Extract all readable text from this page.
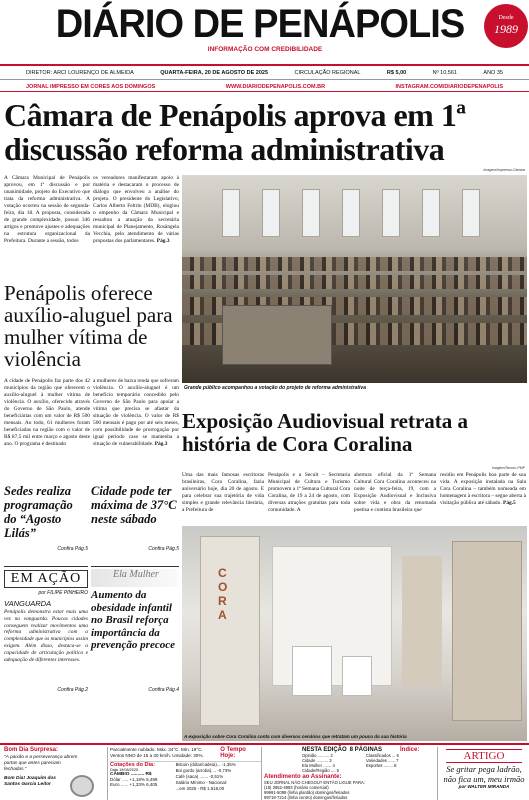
DIÁRIO DE PENÁPOLIS
INFORMAÇÃO COM CREDIBILIDADE
Desde
1989
DIRETOR: ARCI LOURENÇO DE ALMEIDA	QUARTA-FEIRA, 20 DE AGOSTO DE 2025	CIRCULAÇÃO REGIONAL	R$ 5,00	Nº 10.561	ANO 35
JORNAL IMPRESSO EM CORES AOS DOMINGOS	WWW.DIARIODEPENAPOLIS.COM.BR	INSTAGRAM.COM/DIARIODEPENAPOLIS
Câmara de Penápolis aprova em 1ª discussão reforma administrativa
Imagem/Imprensa Câmara
A Câmara Municipal de Penápolis aprovou, em 1ª discussão e por unanimidade, projeto do Executivo que trata da reforma administrativa. A votação ocorreu na sessão de segunda-feira, dia 18. A proposta, considerada de grande complexidade, possui 346 artigos e promove ajustes e adequações na estrutura organizacional da Prefeitura. Durante a sessão, todos
os vereadores manifestaram apoio à matéria e destacaram o processo de diálogo que envolveu a análise do projeto. O presidente do Legislativo, Carlos Alberto Feltrin (MDB), elogiou o empenho da Câmara Municipal e ressaltou a atuação da secretária municipal de Planejamento, Rosângela Vecchia, pelo atendimento de várias propostas dos parlamentares. Pág.3
Grande público acompanhou a votação do projeto de reforma administrativa
Penápolis oferece auxílio-aluguel para mulher vítima de violência
A cidade de Penápolis faz parte dos 42 municípios da região que oferecem o auxílio-aluguel à mulher vítima de violência. O auxílio, oferecido através do Governo de São Paulo, atende beneficiárias com um valor de R$ 500 mensais. Ao todo, 61 mulheres foram beneficiadas na região com o valor de R$ 87,5 mil entre março e agosto deste ano. O programa é destinado
a mulheres de baixa renda que sofreram violência. O auxílio-aluguel é um benefício temporário concedido pelo Governo de São Paulo para apoiar a vítima que precisa se afastar da situação de violência. O valor de R$ 500 mensais é pago por até seis meses, com possibilidade de prorrogação por igual período caso se mantenha a situação de vulnerabilidade. Pág.3
Sedes realiza programação do “Agosto Lilás”
Confira Pág.5
Cidade pode ter máxima de 37°C neste sábado
Confira Pág.5
Exposição Audiovisual retrata a história de Cora Coralina
Imagem/Secom-PMP
Uma das mais famosas escritoras brasileiras, Cora Coralina, fazia aniversário hoje, dia 20 de agosto. E para celebrar sua trajetória de vida simples e grande relevância literária, a Prefeitura de
Penápolis e a Secult – Secretaria Municipal de Cultura e Turismo promovem a 1ª Semana Cultural Cora Coralina, de 19 a 24 de agosto, com diversas atrações gratuitas para toda comunidade. A
abertura oficial da 1ª Semana Cultural Cora Coralina aconteceu na noite de terça-feira, 19, com a Exposição Audiovisual e Inclusiva sobre vida e obra da renomada poetisa e contista brasileira que
residiu em Penápolis boa parte de sua vida. A exposição instalada na Sala Cora Coralina – também nomeada em homenagem à escritora – segue aberta à visitação pública até sábado. Pág.5
CORA
A exposição sobre Cora Coralina conta com diversos cenários que retratam um pouco da sua história
EM AÇÃO
por FILIPE PINHEIRO
VANGUARDA
Penápolis demonstra estar mais uma vez na vanguarda. Poucas cidades conseguem realizar movimentos uma reforma administrativa com a complexidade que os municípios assim exigem. Além disso, destaca-se a capacidade de articulação política e adequação de diferentes interesses.
Confira Pág.2
Ela Mulher
Aumento da obesidade infantil no Brasil reforça importância da prevenção precoce
Confira Pág.4
Bom Dia Surpresa:
“A paixão e a perseverança abrem portas que antes pareciam fechadas.”
Bom Dia! Joaquim dos Santos Garcia Leitor
Parcialmente nublado. Máx. 34°C. Mín. 19°C. Ventos NNO de 15 a 30 km/h. Umidade: 30%.
O Tempo Hoje:
Cotações do Dia:
Data 19/08/2025
CÂMBIO .......... R$
Dólar ..... +1,18% 5,499
Euro ...... +1,33% 6,405
Bitcoin (dólar/cadeia)... -1,35%
Boi gordo (arroba).... -0,73%
Café (saca) ....... -0,51%
Salário Mínimo - Nacional:
...em 2025 - R$ 1.518,00
NESTA EDIÇÃO 8 PÁGINAS	Índice:
Opinião .......... 2
Cidade .......... 3
Ela Mulher ....... 4
Cidade/Região .... 5
Classificados ... 6
Variedades ...... 7
Esportes ........ 8
Atendimento ao Assinante:
SEU JORNAL NÃO CHEGOU? ENTÃO LIGUE PARA:
(18) 3652-4993 (horário comercial)
99991-5099 (linha plantão) domingos/feriados
99718-7214 (linha centro) domingos/feriados
ARTIGO
Se gritar pega ladrão, não fica um, meu irmão
por WALTER MIRANDA
